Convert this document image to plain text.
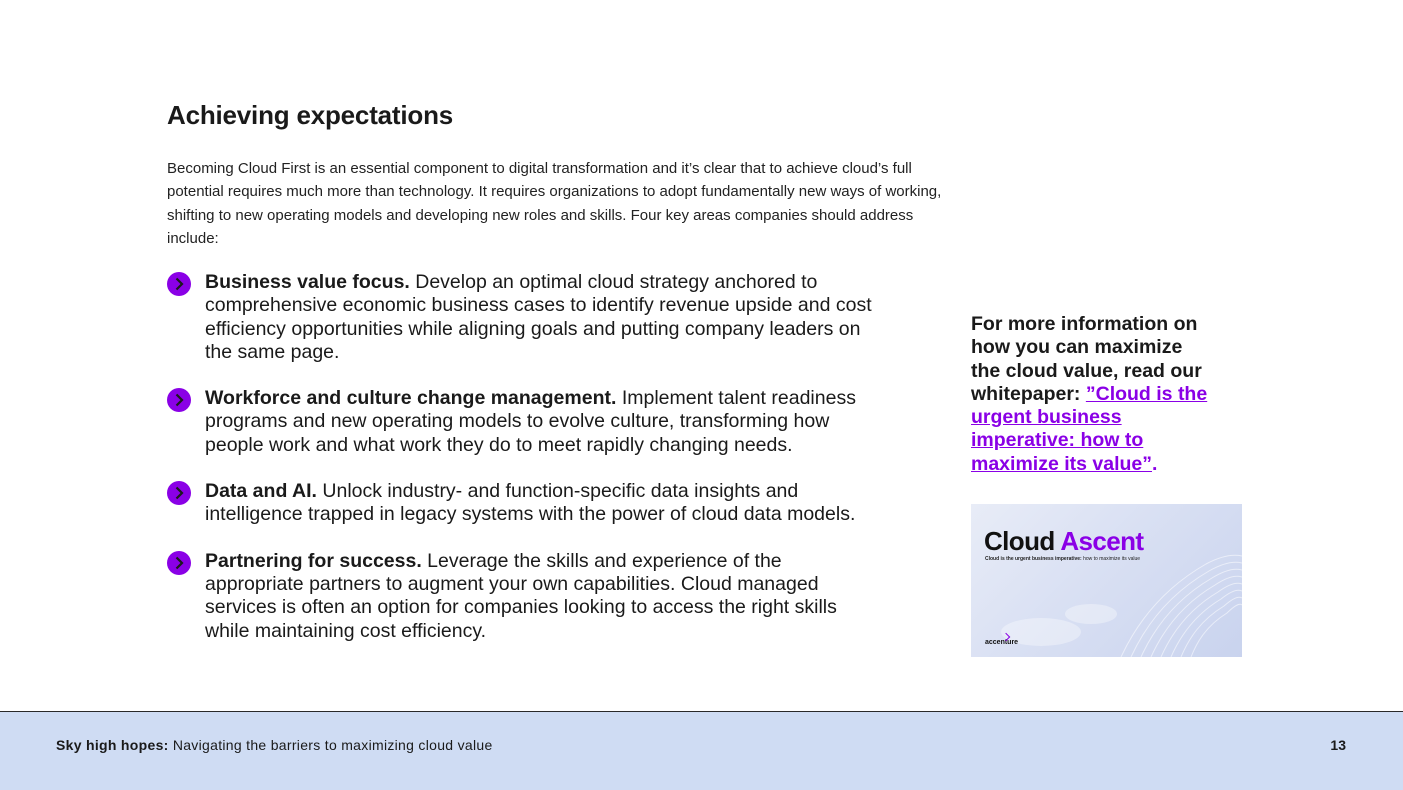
Achieving expectations

Becoming Cloud First is an essential component to digital transformation and it’s clear that to achieve cloud’s full potential requires much more than technology. It requires organizations to adopt fundamentally new ways of working, shifting to new operating models and developing new roles and skills. Four key areas companies should address include:

Business value focus. Develop an optimal cloud strategy anchored to comprehensive economic business cases to identify revenue upside and cost efficiency opportunities while aligning goals and putting company leaders on the same page.
Workforce and culture change management. Implement talent readiness programs and new operating models to evolve culture, transforming how people work and what work they do to meet rapidly changing needs.
Data and AI. Unlock industry- and function-specific data insights and intelligence trapped in legacy systems with the power of cloud data models.
Partnering for success. Leverage the skills and experience of the appropriate partners to augment your own capabilities. Cloud managed services is often an option for companies looking to access the right skills while maintaining cost efficiency.
For more information on how you can maximize the cloud value, read our whitepaper: ”Cloud is the urgent business imperative: how to maximize its value”.
Cloud Ascent
Cloud is the urgent business imperative: how to maximize its value
accenture
Sky high hopes: Navigating the barriers to maximizing cloud value	13
